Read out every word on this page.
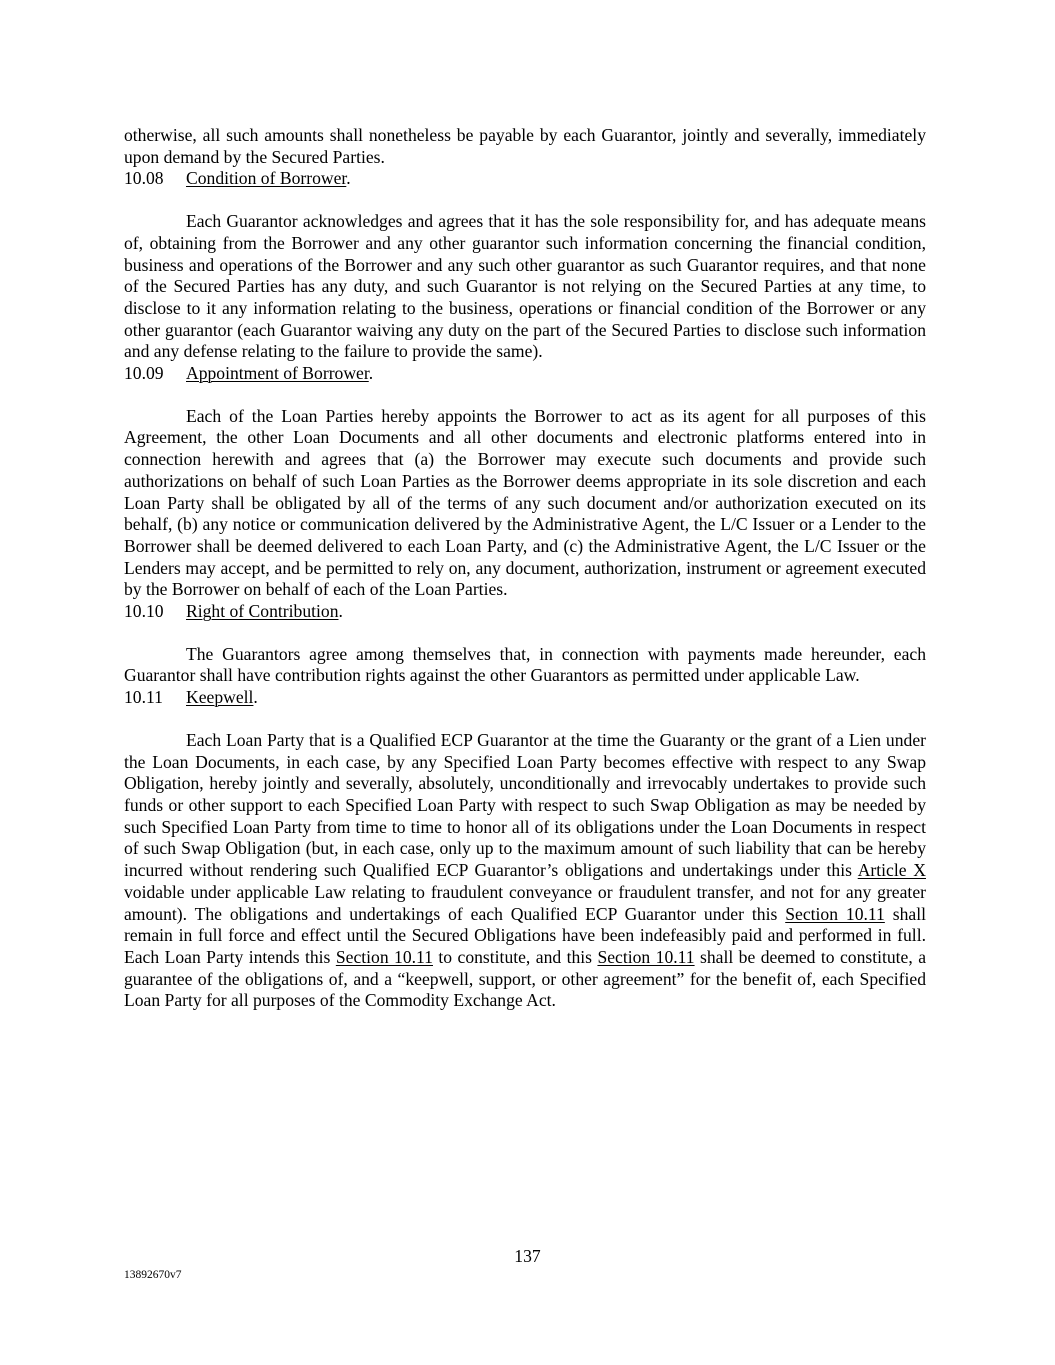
otherwise, all such amounts shall nonetheless be payable by each Guarantor, jointly and severally, immediately upon demand by the Secured Parties.

10.08	Condition of Borrower.

Each Guarantor acknowledges and agrees that it has the sole responsibility for, and has adequate means of, obtaining from the Borrower and any other guarantor such information concerning the financial condition, business and operations of the Borrower and any such other guarantor as such Guarantor requires, and that none of the Secured Parties has any duty, and such Guarantor is not relying on the Secured Parties at any time, to disclose to it any information relating to the business, operations or financial condition of the Borrower or any other guarantor (each Guarantor waiving any duty on the part of the Secured Parties to disclose such information and any defense relating to the failure to provide the same).

10.09	Appointment of Borrower.

Each of the Loan Parties hereby appoints the Borrower to act as its agent for all purposes of this Agreement, the other Loan Documents and all other documents and electronic platforms entered into in connection herewith and agrees that (a) the Borrower may execute such documents and provide such authorizations on behalf of such Loan Parties as the Borrower deems appropriate in its sole discretion and each Loan Party shall be obligated by all of the terms of any such document and/or authorization executed on its behalf, (b) any notice or communication delivered by the Administrative Agent, the L/C Issuer or a Lender to the Borrower shall be deemed delivered to each Loan Party, and (c) the Administrative Agent, the L/C Issuer or the Lenders may accept, and be permitted to rely on, any document, authorization, instrument or agreement executed by the Borrower on behalf of each of the Loan Parties.

10.10	Right of Contribution.

The Guarantors agree among themselves that, in connection with payments made hereunder, each Guarantor shall have contribution rights against the other Guarantors as permitted under applicable Law.

10.11	Keepwell.

Each Loan Party that is a Qualified ECP Guarantor at the time the Guaranty or the grant of a Lien under the Loan Documents, in each case, by any Specified Loan Party becomes effective with respect to any Swap Obligation, hereby jointly and severally, absolutely, unconditionally and irrevocably undertakes to provide such funds or other support to each Specified Loan Party with respect to such Swap Obligation as may be needed by such Specified Loan Party from time to time to honor all of its obligations under the Loan Documents in respect of such Swap Obligation (but, in each case, only up to the maximum amount of such liability that can be hereby incurred without rendering such Qualified ECP Guarantor’s obligations and undertakings under this Article X voidable under applicable Law relating to fraudulent conveyance or fraudulent transfer, and not for any greater amount). The obligations and undertakings of each Qualified ECP Guarantor under this Section 10.11 shall remain in full force and effect until the Secured Obligations have been indefeasibly paid and performed in full. Each Loan Party intends this Section 10.11 to constitute, and this Section 10.11 shall be deemed to constitute, a guarantee of the obligations of, and a “keepwell, support, or other agreement” for the benefit of, each Specified Loan Party for all purposes of the Commodity Exchange Act.

137
13892670v7
